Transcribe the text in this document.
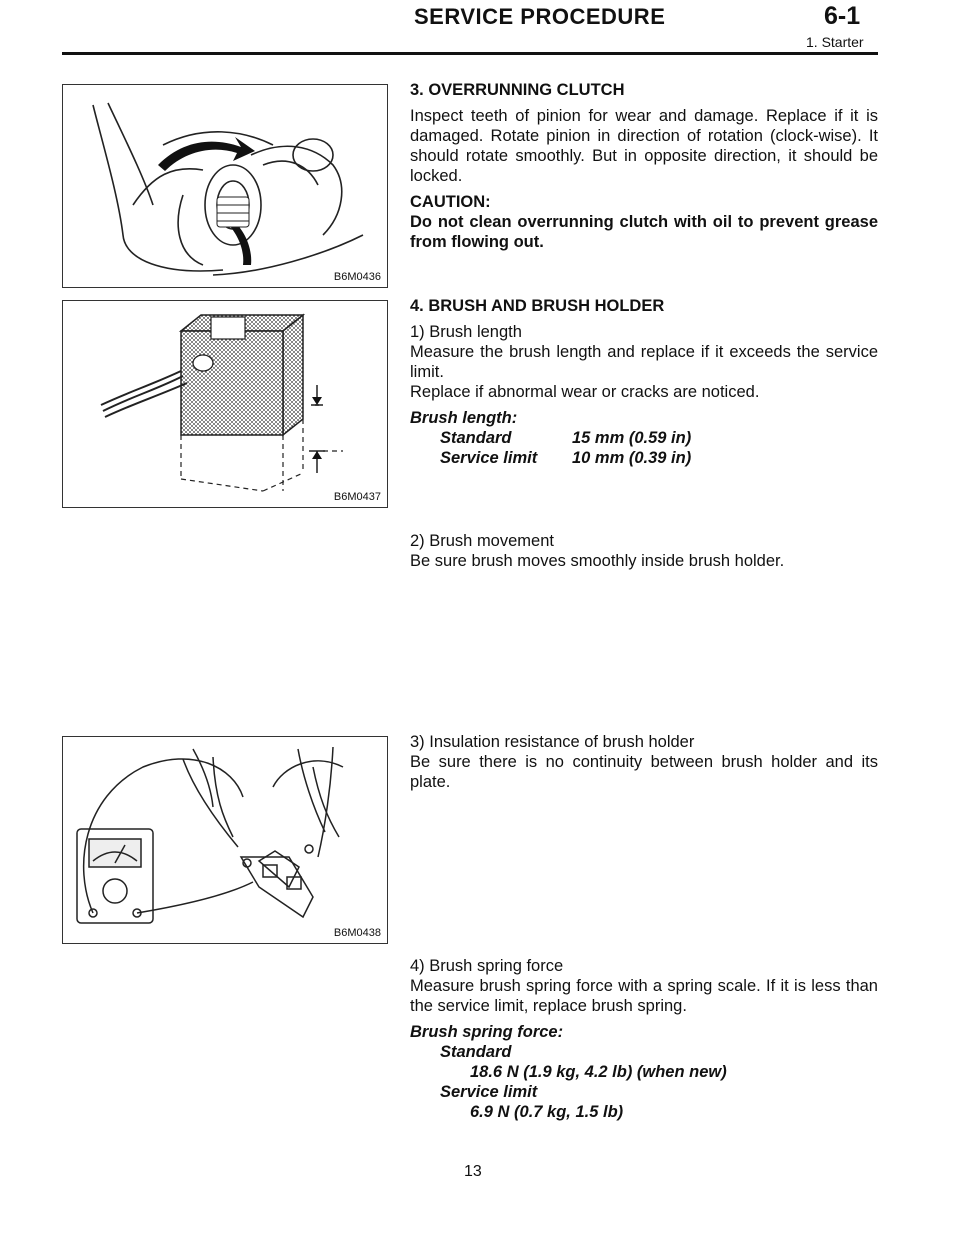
SERVICE PROCEDURE	6-1
1. Starter
B6M0436
B6M0437
B6M0438

3. OVERRUNNING CLUTCH

Inspect teeth of pinion for wear and damage. Replace if it is damaged. Rotate pinion in direction of rotation (clock-wise). It should rotate smoothly. But in opposite direction, it should be locked.

CAUTION:

Do not clean overrunning clutch with oil to prevent grease from flowing out.

4. BRUSH AND BRUSH HOLDER

1) Brush length

Measure the brush length and replace if it exceeds the service limit.

Replace if abnormal wear or cracks are noticed.

Brush length:

Standard	15 mm (0.59 in)
Service limit	10 mm (0.39 in)

2) Brush movement

Be sure brush moves smoothly inside brush holder.

3) Insulation resistance of brush holder

Be sure there is no continuity between brush holder and its plate.

4) Brush spring force

Measure brush spring force with a spring scale. If it is less than the service limit, replace brush spring.

Brush spring force:

Standard

18.6 N (1.9 kg, 4.2 lb) (when new)

Service limit

6.9 N (0.7 kg, 1.5 lb)

13
